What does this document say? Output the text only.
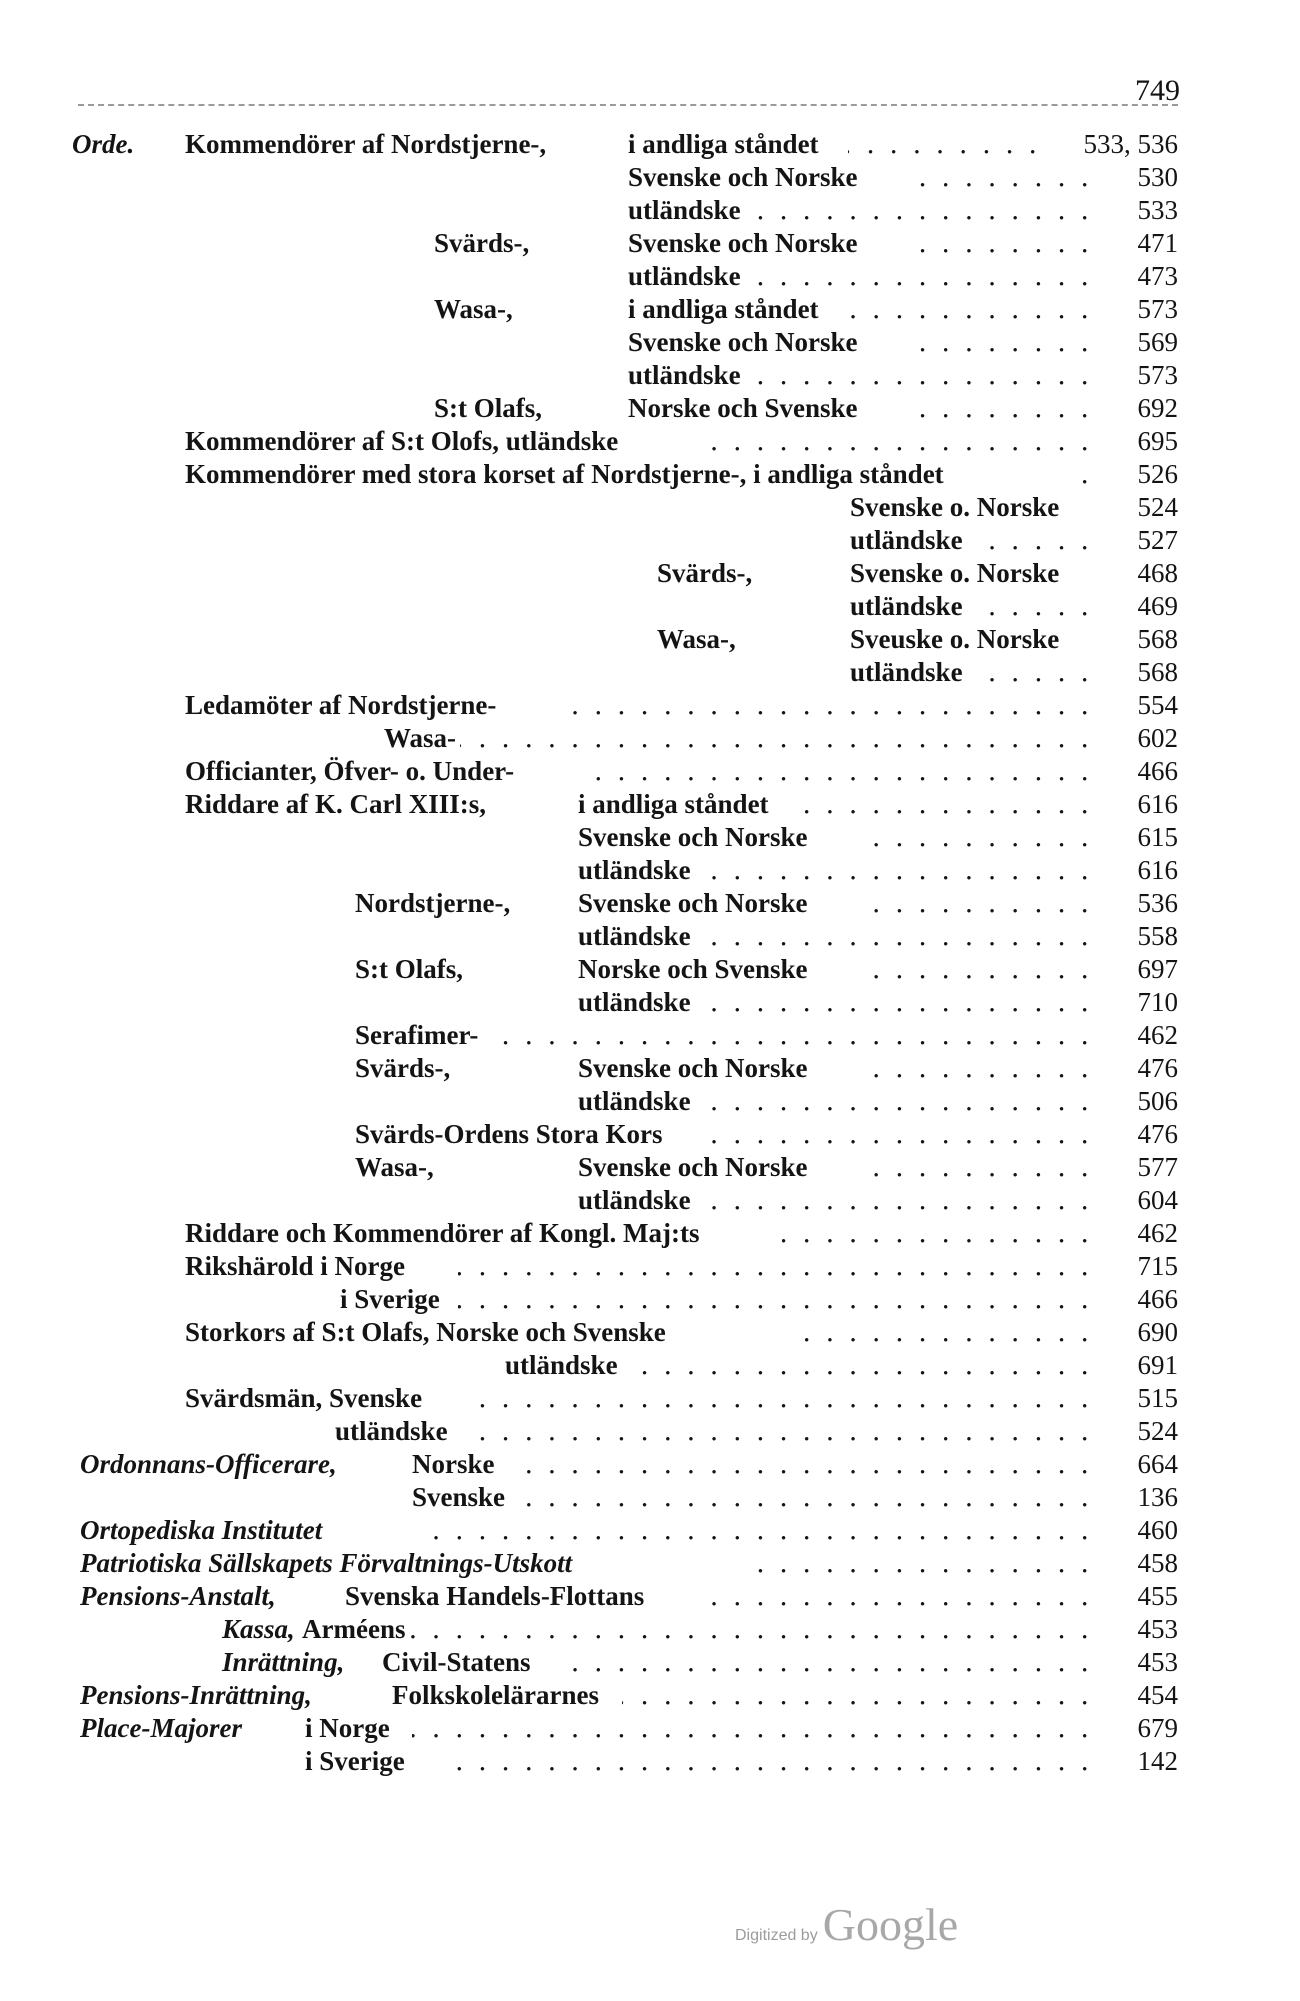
749
Orde. Kommendörer af Nordstjerne-,	i andliga ståndet . . .	533, 536
Svenske och Norske . . .	530
utländske . . .	533
Svärds-,	Svenske och Norske . . .	471
utländske . . .	473
Wasa-,	i andliga ståndet . . .	573
Svenske och Norske . . .	569
utländske . . .	573
S:t Olafs,	Norske och Svenske . . .	692
Kommendörer af S:t Olofs, utländske . . .	695
Kommendörer med stora korset af Nordstjerne-, i andliga ståndet . . .	526
Svenske o. Norske	524
utländske . . .	527
Svärds-,	Svenske o. Norske	468
utländske . . .	469
Wasa-,	Sveuske o. Norske	568
utländske . . .	568
Ledamöter af Nordstjerne- . . .	554
Wasa- . . .	602
Officianter, Öfver- o. Under- . . .	466
Riddare af K. Carl XIII:s,	i andliga ståndet . . .	616
Svenske och Norske . . .	615
utländske . . .	616
Nordstjerne-,	Svenske och Norske . . .	536
utländske . . .	558
S:t Olafs,	Norske och Svenske . . .	697
utländske . . .	710
Serafimer- . . .	462
Svärds-,	Svenske och Norske . . .	476
utländske . . .	506
Svärds-Ordens Stora Kors . . .	476
Wasa-,	Svenske och Norske . . .	577
utländske . . .	604
Riddare och Kommendörer af Kongl. Maj:ts . . .	462
Rikshärold i Norge . . .	715
i Sverige . . .	466
Storkors af S:t Olafs, Norske och Svenske . . .	690
utländske . . .	691
Svärdsmän, Svenske . . .	515
utländske . . .	524
Ordonnans-Officerare,	Norske . . .	664
Svenske . . .	136
Ortopediska Institutet . . .	460
Patriotiska Sällskapets Förvaltnings-Utskott . . .	458
Pensions-Anstalt,	Svenska Handels-Flottans . . .	455
Kassa, Arméens . . .	453
Inrättning, Civil-Statens . . .	453
Pensions-Inrättning,	Folkskolelärarnes . . .	454
Place-Majorer i Norge . . .	679
i Sverige . . .	142
Digitized by Google
